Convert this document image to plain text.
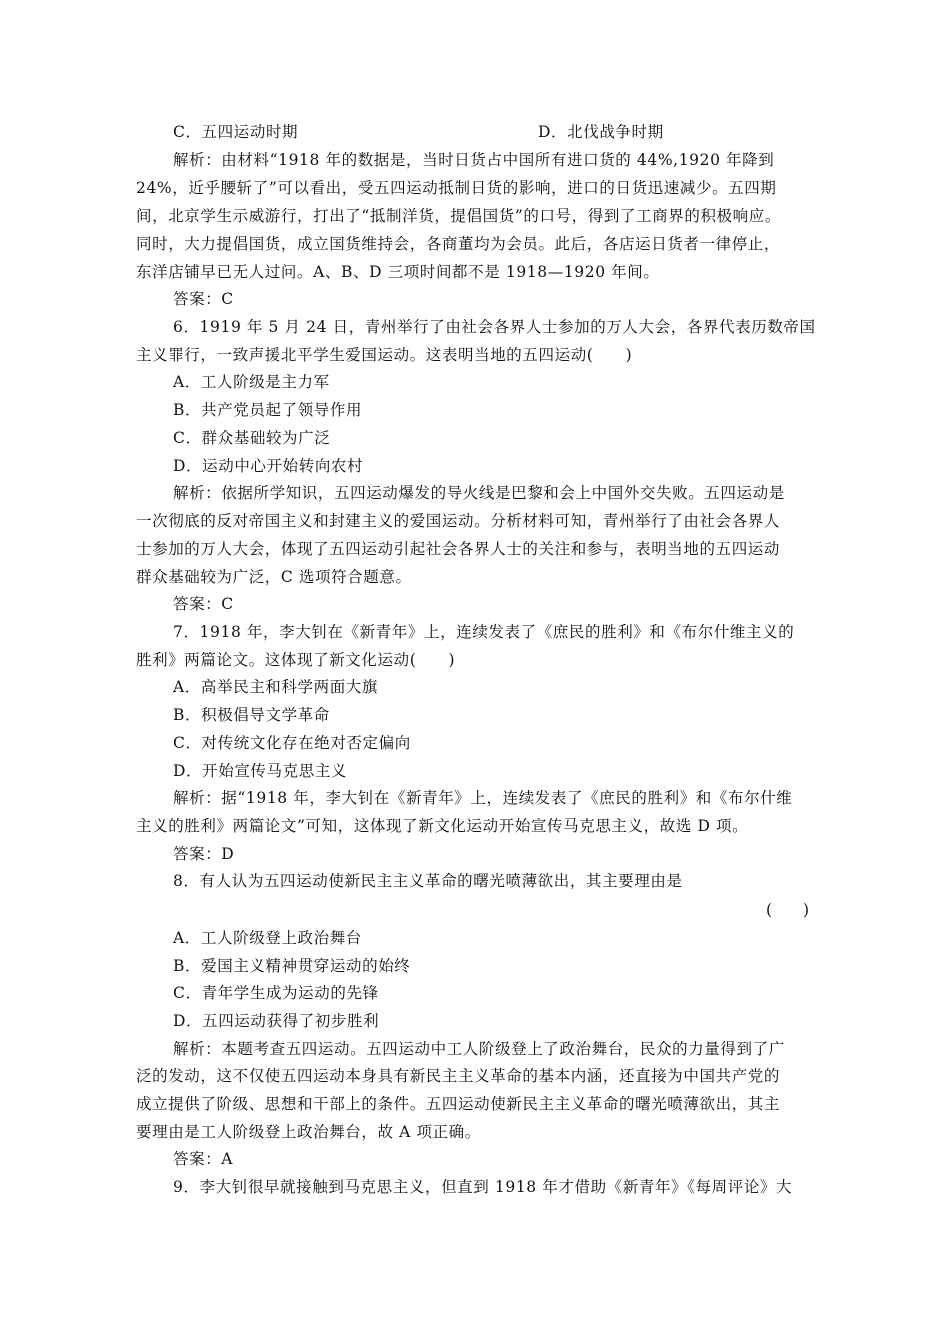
C．五四运动时期	D．北伐战争时期
解析：由材料“1918 年的数据是，当时日货占中国所有进口货的 44%,1920 年降到
24%，近乎腰斩了”可以看出，受五四运动抵制日货的影响，进口的日货迅速减少。五四期
间，北京学生示威游行，打出了“抵制洋货，提倡国货”的口号，得到了工商界的积极响应。
同时，大力提倡国货，成立国货维持会，各商董均为会员。此后，各店运日货者一律停止，
东洋店铺早已无人过问。A、B、D 三项时间都不是 1918—1920 年间。
答案：C
6．1919 年 5 月 24 日，青州举行了由社会各界人士参加的万人大会，各界代表历数帝国
主义罪行，一致声援北平学生爱国运动。这表明当地的五四运动(　　)
A．工人阶级是主力军
B．共产党员起了领导作用
C．群众基础较为广泛
D．运动中心开始转向农村
解析：依据所学知识，五四运动爆发的导火线是巴黎和会上中国外交失败。五四运动是
一次彻底的反对帝国主义和封建主义的爱国运动。分析材料可知，青州举行了由社会各界人
士参加的万人大会，体现了五四运动引起社会各界人士的关注和参与，表明当地的五四运动
群众基础较为广泛，C 选项符合题意。
答案：C
7．1918 年，李大钊在《新青年》上，连续发表了《庶民的胜利》和《布尔什维主义的
胜利》两篇论文。这体现了新文化运动(　　)
A．高举民主和科学两面大旗
B．积极倡导文学革命
C．对传统文化存在绝对否定偏向
D．开始宣传马克思主义
解析：据“1918 年，李大钊在《新青年》上，连续发表了《庶民的胜利》和《布尔什维
主义的胜利》两篇论文”可知，这体现了新文化运动开始宣传马克思主义，故选 D 项。
答案：D
8．有人认为五四运动使新民主主义革命的曙光喷薄欲出，其主要理由是
(　　)
A．工人阶级登上政治舞台
B．爱国主义精神贯穿运动的始终
C．青年学生成为运动的先锋
D．五四运动获得了初步胜利
解析：本题考查五四运动。五四运动中工人阶级登上了政治舞台，民众的力量得到了广
泛的发动，这不仅使五四运动本身具有新民主主义革命的基本内涵，还直接为中国共产党的
成立提供了阶级、思想和干部上的条件。五四运动使新民主主义革命的曙光喷薄欲出，其主
要理由是工人阶级登上政治舞台，故 A 项正确。
答案：A
9．李大钊很早就接触到马克思主义，但直到 1918 年才借助《新青年》《每周评论》大
